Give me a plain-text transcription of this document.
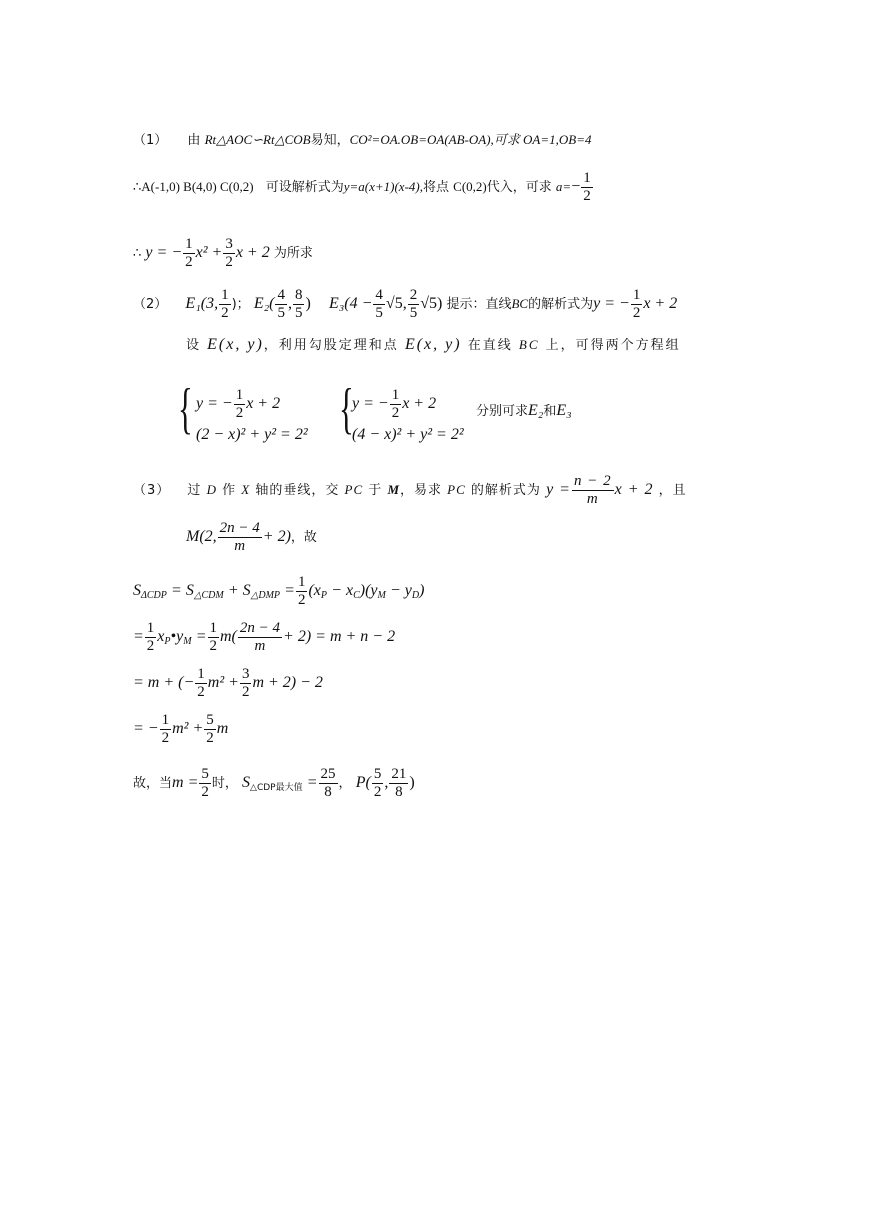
（1） 由 Rt△AOC∽Rt△COB易知，CO²=OA.OB=OA(AB-OA),可求 OA=1,OB=4
∴A(-1,0) B(4,0) C(0,2) 可设解析式为y=a(x+1)(x-4),将点 C(0,2)代入，可求 $a=- \frac{1}{2}$
∴ y = − $\frac{1}{2} x^2 + \frac{3}{2}$ x + 2 为所求
（2） E₁(3, $\frac{1}{2}$ )； $E_2( \frac{4}{5}$ , $\frac{8}{5}$ ) $E_3(4 - \frac{4}{5} √5$, $\frac{2}{5} √5$) 提示：直线BC的解析式为y = − $\frac{1}{2}$ x + 2
设 E(x, y)，利用勾股定理和点 E(x, y) 在直线 BC 上，可得两个方程组
{ y = − $\frac{1}{2}$ x + 2
(2 − x)² + y² = 2² {
y = − $\frac{1}{2}$ x + 2
(4 − x)² + y² = 2²
分别可求E₂和E₃
（3） 过 D 作 X 轴的垂线，交 PC 于 M，易求 PC 的解析式为 $y = \frac{n - 2}{m}$ x + 2 ，且
M(2, $\frac{2n - 4}{m} + 2$)，故
$S_{\Delta CDP} = S_{\triangle CDM} + S_{\triangle DMP} = \frac{1}{2} (x_P - x_C)(y_M - y_D)$
= $\frac{1}{2}$ $x_P•y_M = \frac{1}{2} m( \frac{2n - 4}{m} + 2) = m + n - 2$
= m + (− $\frac{1}{2} m^2 + \frac{3}{2}$ m + 2) − 2
= − $\frac{1}{2} m^2 + \frac{5}{2}$ m
故，当$m = \frac{5}{2}$ 时， $S_{\triangle CDP最大值} = \frac{25}{8}$ ， $P( \frac{5}{2}$ , $\frac{21}{8}$ )
